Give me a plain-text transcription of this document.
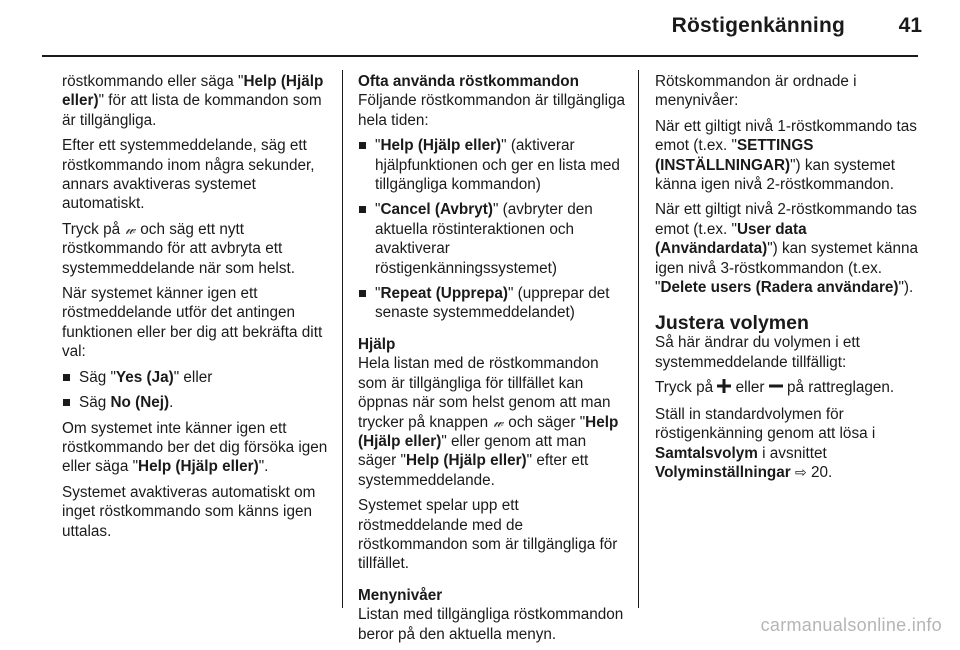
Röstigenkänning	41

röstkommando eller säga "Help (Hjälp eller)" för att lista de kommandon som är tillgängliga.

Efter ett systemmeddelande, säg ett röstkommando inom några sekunder, annars avaktiveras systemet automatiskt.

Tryck på 𝓌 och säg ett nytt röstkommando för att avbryta ett systemmeddelande när som helst.

När systemet känner igen ett röstmeddelande utför det antingen funktionen eller ber dig att bekräfta ditt val:

Säg "Yes (Ja)" eller
Säg No (Nej).

Om systemet inte känner igen ett röstkommando ber det dig försöka igen eller säga "Help (Hjälp eller)".

Systemet avaktiveras automatiskt om inget röstkommando som känns igen uttalas.

Ofta använda röstkommandon

Följande röstkommandon är tillgängliga hela tiden:

"Help (Hjälp eller)" (aktiverar hjälpfunktionen och ger en lista med tillgängliga kommandon)
"Cancel (Avbryt)" (avbryter den aktuella röstinteraktionen och avaktiverar röstigenkänningssystemet)
"Repeat (Upprepa)" (upprepar det senaste systemmeddelandet)
Hjälp

Hela listan med de röstkommandon som är tillgängliga för tillfället kan öppnas när som helst genom att man trycker på knappen 𝓌 och säger "Help (Hjälp eller)" eller genom att man säger "Help (Hjälp eller)" efter ett systemmeddelande.

Systemet spelar upp ett röstmeddelande med de röstkommandon som är tillgängliga för tillfället.

Menynivåer

Listan med tillgängliga röstkommandon beror på den aktuella menyn.

Rötskommandon är ordnade i menynivåer:

När ett giltigt nivå 1-röstkommando tas emot (t.ex. "SETTINGS (INSTÄLLNINGAR)") kan systemet känna igen nivå 2-röstkommandon.

När ett giltigt nivå 2-röstkommando tas emot (t.ex. "User data (Användardata)") kan systemet känna igen nivå 3-röstkommandon (t.ex. "Delete users (Radera användare)").

Justera volymen

Så här ändrar du volymen i ett systemmeddelande tillfälligt:

Tryck på  eller  på rattreglagen.

Ställ in standardvolymen för röstigenkänning genom att lösa i Samtalsvolym i avsnittet Volyminställningar ⇨ 20.

carmanualsonline.info
